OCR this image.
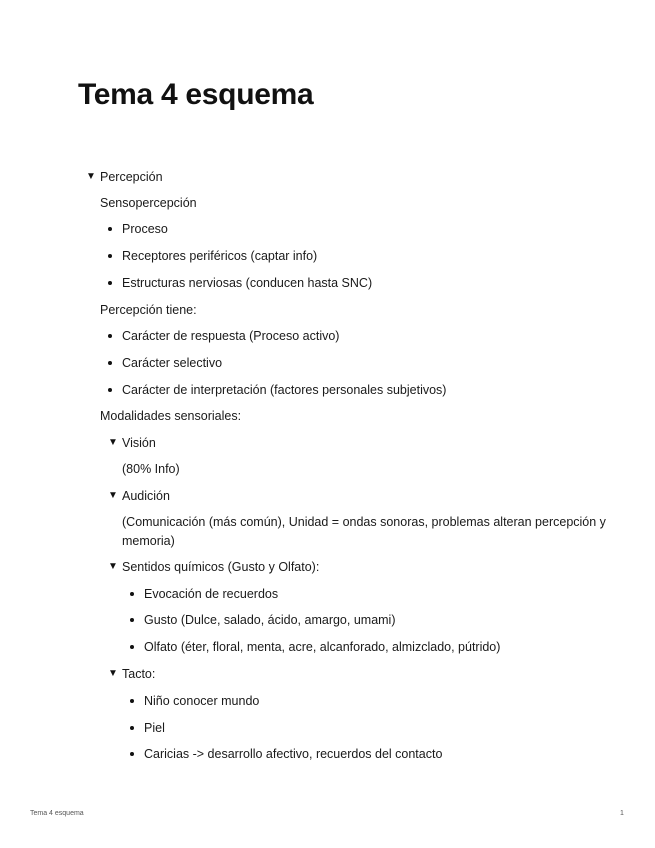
Tema 4 esquema
▼ Percepción

Sensopercepción

Proceso
Receptores periféricos (captar info)
Estructuras nerviosas (conducen hasta SNC)

Percepción tiene:

Carácter de respuesta (Proceso activo)
Carácter selectivo
Carácter de interpretación (factores personales subjetivos)

Modalidades sensoriales:

▼ Visión

(80% Info)

▼ Audición

(Comunicación (más común), Unidad = ondas sonoras, problemas alteran percepción y memoria)

▼ Sentidos químicos (Gusto y Olfato):
Evocación de recuerdos
Gusto (Dulce, salado, ácido, amargo, umami)
Olfato (éter, floral, menta, acre, alcanforado, almizclado, pútrido)
▼ Tacto:
Niño conocer mundo
Piel
Caricias -> desarrollo afectivo, recuerdos del contacto
Tema 4 esquema	1
